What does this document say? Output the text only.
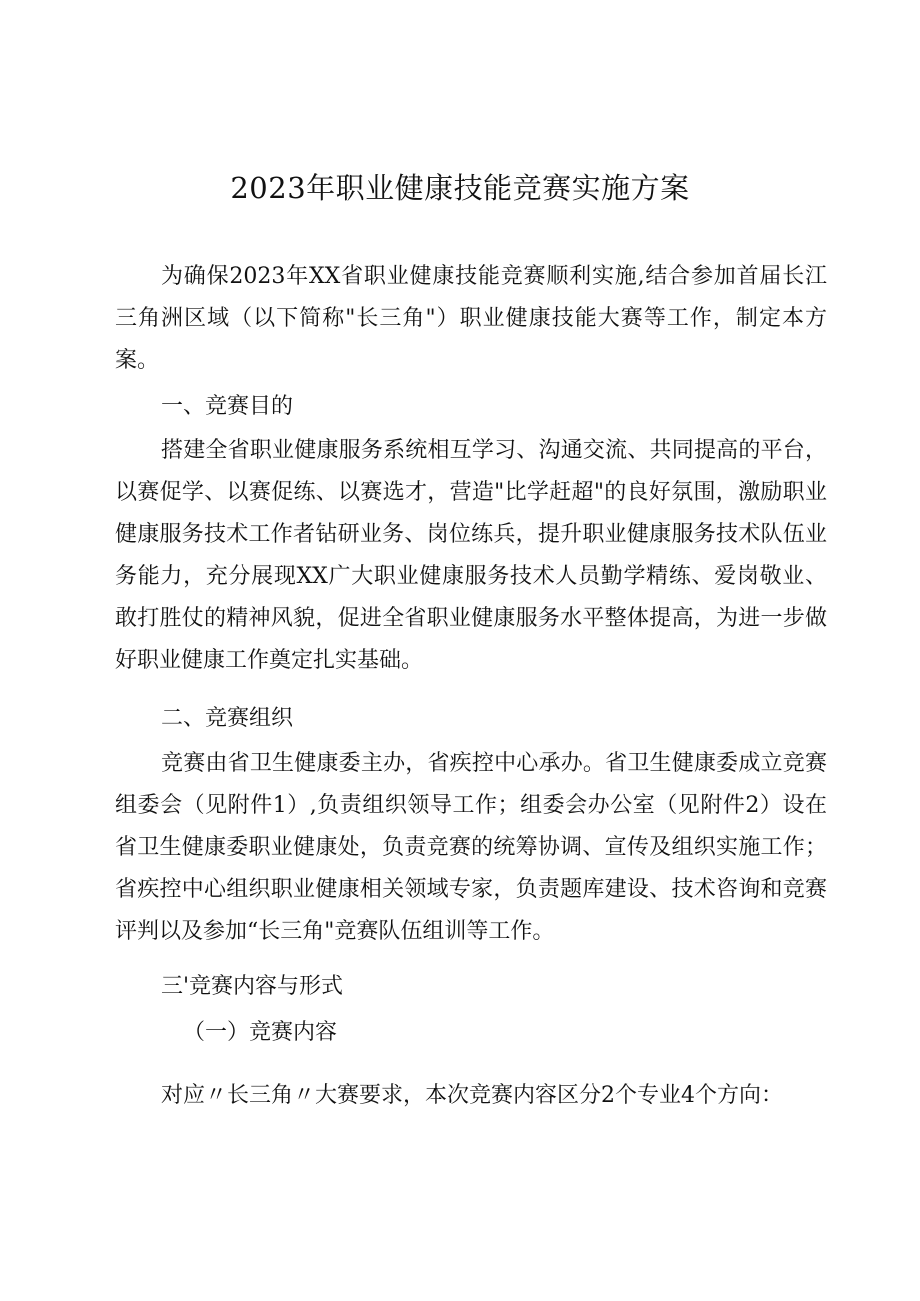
2023年职业健康技能竞赛实施方案

为确保2023年XX省职业健康技能竞赛顺利实施,结合参加首届长江三角洲区域（以下简称"长三角"）职业健康技能大赛等工作，制定本方案。

一、竞赛目的

搭建全省职业健康服务系统相互学习、沟通交流、共同提高的平台，以赛促学、以赛促练、以赛选才，营造"比学赶超"的良好氛围，激励职业健康服务技术工作者钻研业务、岗位练兵，提升职业健康服务技术队伍业务能力，充分展现XX广大职业健康服务技术人员勤学精练、爱岗敬业、敢打胜仗的精神风貌，促进全省职业健康服务水平整体提高，为进一步做好职业健康工作奠定扎实基础。

二、竞赛组织

竞赛由省卫生健康委主办，省疾控中心承办。省卫生健康委成立竞赛组委会（见附件1）,负责组织领导工作；组委会办公室（见附件2）设在省卫生健康委职业健康处，负责竞赛的统筹协调、宣传及组织实施工作；省疾控中心组织职业健康相关领域专家，负责题库建设、技术咨询和竞赛评判以及参加“长三角"竞赛队伍组训等工作。

三'竞赛内容与形式

（一）竞赛内容

对应〃长三角〃大赛要求，本次竞赛内容区分2个专业4个方向：
